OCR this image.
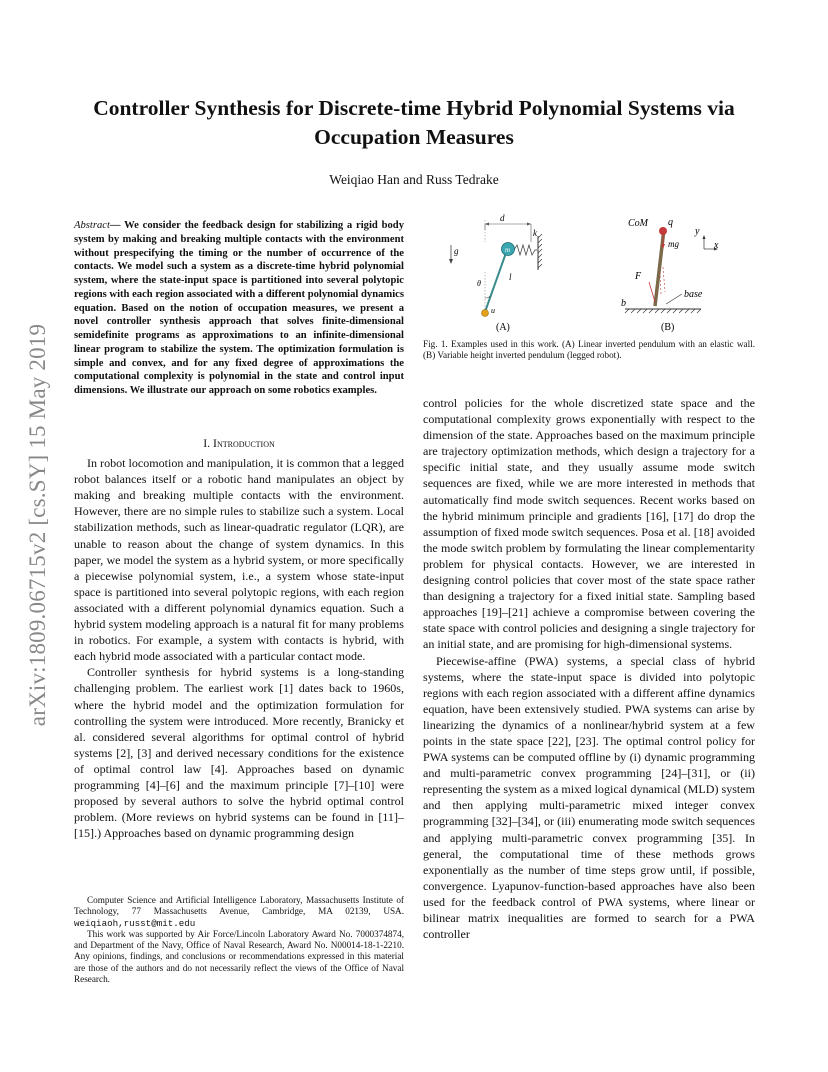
arXiv:1809.06715v2 [cs.SY] 15 May 2019
Controller Synthesis for Discrete-time Hybrid Polynomial Systems via
Occupation Measures
Weiqiao Han and Russ Tedrake
Abstract— We consider the feedback design for stabilizing a rigid body system by making and breaking multiple contacts with the environment without prespecifying the timing or the number of occurrence of the contacts. We model such a system as a discrete-time hybrid polynomial system, where the state-input space is partitioned into several polytopic regions with each region associated with a different polynomial dynamics equation. Based on the notion of occupation measures, we present a novel controller synthesis approach that solves finite-dimensional semidefinite programs as approximations to an infinite-dimensional linear program to stabilize the system. The optimization formulation is simple and convex, and for any fixed degree of approximations the computational complexity is polynomial in the state and control input dimensions. We illustrate our approach on some robotics examples.
I. Introduction

In robot locomotion and manipulation, it is common that a legged robot balances itself or a robotic hand manipulates an object by making and breaking multiple contacts with the environment. However, there are no simple rules to stabilize such a system. Local stabilization methods, such as linear-quadratic regulator (LQR), are unable to reason about the change of system dynamics. In this paper, we model the system as a hybrid system, or more specifically a piecewise polynomial system, i.e., a system whose state-input space is partitioned into several polytopic regions, with each region associated with a different polynomial dynamics equation. Such a hybrid system modeling approach is a natural fit for many problems in robotics. For example, a system with contacts is hybrid, with each hybrid mode associated with a particular contact mode.

Controller synthesis for hybrid systems is a long-standing challenging problem. The earliest work [1] dates back to 1960s, where the hybrid model and the optimization formulation for controlling the system were introduced. More recently, Branicky et al. considered several algorithms for optimal control of hybrid systems [2], [3] and derived necessary conditions for the existence of optimal control law [4]. Approaches based on dynamic programming [4]–[6] and the maximum principle [7]–[10] were proposed by several authors to solve the hybrid optimal control problem. (More reviews on hybrid systems can be found in [11]–[15].) Approaches based on dynamic programming design

Computer Science and Artificial Intelligence Laboratory, Massachusetts Institute of Technology, 77 Massachusetts Avenue, Cambridge, MA 02139, USA. weiqiaoh,russt@mit.edu

This work was supported by Air Force/Lincoln Laboratory Award No. 7000374874, and Department of the Navy, Office of Naval Research, Award No. N00014-18-1-2210. Any opinions, findings, and conclusions or recommendations expressed in this material are those of the authors and do not necessarily reflect the views of the Office of Naval Research.

d
k
g	m
l
θ
u
(A)
CoM q
mg
y
x
F
base
b
(B)
Fig. 1. Examples used in this work. (A) Linear inverted pendulum with an elastic wall. (B) Variable height inverted pendulum (legged robot).

control policies for the whole discretized state space and the computational complexity grows exponentially with respect to the dimension of the state. Approaches based on the maximum principle are trajectory optimization methods, which design a trajectory for a specific initial state, and they usually assume mode switch sequences are fixed, while we are more interested in methods that automatically find mode switch sequences. Recent works based on the hybrid minimum principle and gradients [16], [17] do drop the assumption of fixed mode switch sequences. Posa et al. [18] avoided the mode switch problem by formulating the linear complementarity problem for physical contacts. However, we are interested in designing control policies that cover most of the state space rather than designing a trajectory for a fixed initial state. Sampling based approaches [19]–[21] achieve a compromise between covering the state space with control policies and designing a single trajectory for an initial state, and are promising for high-dimensional systems.

Piecewise-affine (PWA) systems, a special class of hybrid systems, where the state-input space is divided into polytopic regions with each region associated with a different affine dynamics equation, have been extensively studied. PWA systems can arise by linearizing the dynamics of a nonlinear/hybrid system at a few points in the state space [22], [23]. The optimal control policy for PWA systems can be computed offline by (i) dynamic programming and multi-parametric convex programming [24]–[31], or (ii) representing the system as a mixed logical dynamical (MLD) system and then applying multi-parametric mixed integer convex programming [32]–[34], or (iii) enumerating mode switch sequences and applying multi-parametric convex programming [35]. In general, the computational time of these methods grows exponentially as the number of time steps grow until, if possible, convergence. Lyapunov-function-based approaches have also been used for the feedback control of PWA systems, where linear or bilinear matrix inequalities are formed to search for a PWA controller
